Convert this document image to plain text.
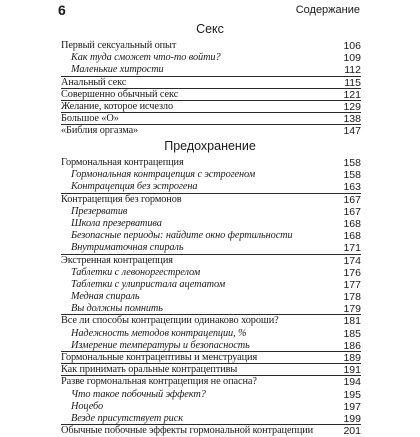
6	Содержание
Секс
Первый сексуальный опыт	106
Как туда сможет что-то войти?	109
Маленькие хитрости	112
Анальный секс	115
Совершенно обычный секс	121
Желание, которое исчезло	129
Большое «О»	138
«Библия оргазма»	147
Предохранение
Гормональная контрацепция	158
Гормональная контрацепция с эстрогеном	158
Контрацепция без эстрогена	163
Контрацепция без гормонов	167
Презерватив	167
Школа презерватива	168
Безопасные периоды: найдите окно фертильности	168
Внутриматочная спираль	171
Экстренная контрацепция	174
Таблетки с левоноргестрелом	176
Таблетки с улипристала ацетатом	177
Медная спираль	178
Вы должны помнить	179
Все ли способы контрацепции одинаково хороши?	181
Надежность методов контрацепции, %	185
Измерение температуры и безопасность	186
Гормональные контрацептивы и менструация	189
Как принимать оральные контрацептивы	191
Разве гормональная контрацепция не опасна?	194
Что такое побочный эффект?	195
Ноцебо	197
Везде присутствует риск	199
Обычные побочные эффекты гормональной контрацепции	201
